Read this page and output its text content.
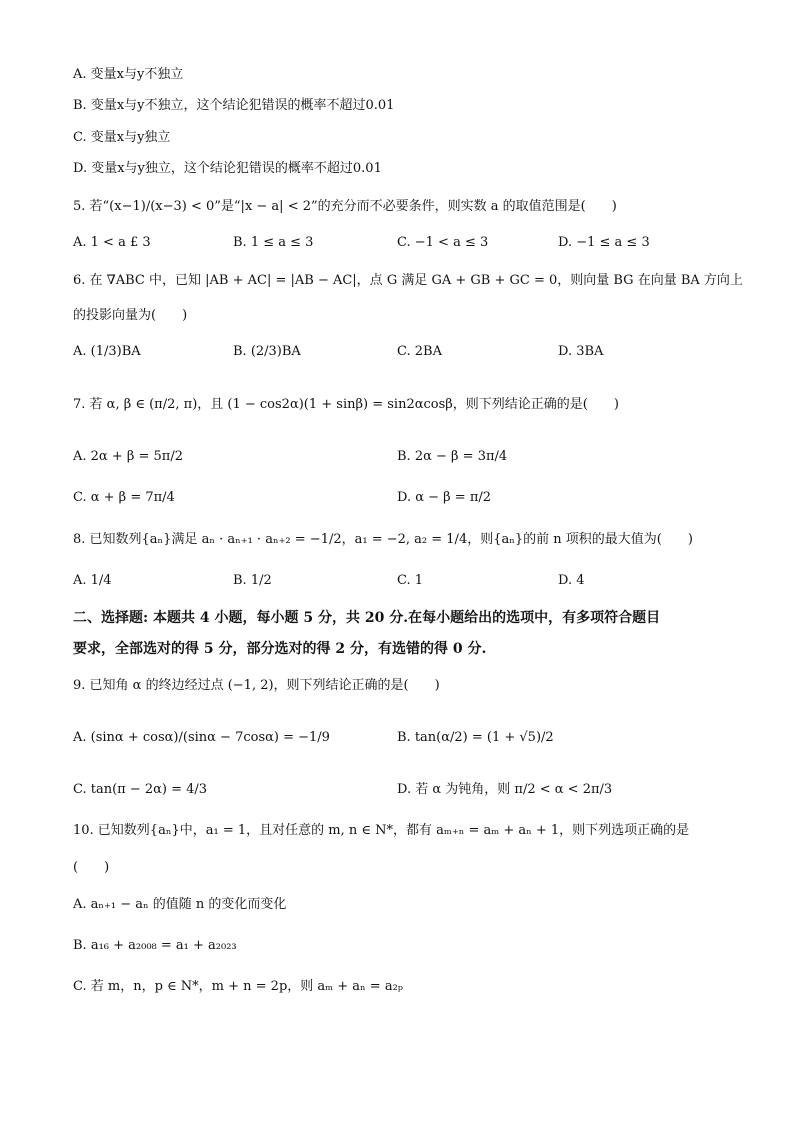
A. 变量x与y不独立
B. 变量x与y不独立，这个结论犯错误的概率不超过0.01
C. 变量x与y独立
D. 变量x与y独立，这个结论犯错误的概率不超过0.01
5. 若“(x−1)/(x−3) < 0”是“|x − a| < 2”的充分而不必要条件，则实数 a 的取值范围是(　　)
A. 1 < a £ 3	B. 1 ≤ a ≤ 3	C. −1 < a ≤ 3	D. −1 ≤ a ≤ 3
6. 在 ∇ABC 中，已知 |AB + AC| = |AB − AC|，点 G 满足 GA + GB + GC = 0，则向量 BG 在向量 BA 方向上
的投影向量为(　　)
A. (1/3)BA	B. (2/3)BA	C. 2BA	D. 3BA
7. 若 α, β ∈ (π/2, π)，且 (1 − cos2α)(1 + sinβ) = sin2αcosβ，则下列结论正确的是(　　)
A. 2α + β = 5π/2	B. 2α − β = 3π/4
C. α + β = 7π/4	D. α − β = π/2
8. 已知数列{aₙ}满足 aₙ · aₙ₊₁ · aₙ₊₂ = −1/2，a₁ = −2, a₂ = 1/4，则{aₙ}的前 n 项积的最大值为(　　)
A. 1/4	B. 1/2	C. 1	D. 4
二、选择题: 本题共 4 小题，每小题 5 分，共 20 分.在每小题给出的选项中，有多项符合题目
要求，全部选对的得 5 分，部分选对的得 2 分，有选错的得 0 分.
9. 已知角 α 的终边经过点 (−1, 2)，则下列结论正确的是(　　)
A. (sinα + cosα)/(sinα − 7cosα) = −1/9	B. tan(α/2) = (1 + √5)/2
C. tan(π − 2α) = 4/3	D. 若 α 为钝角，则 π/2 < α < 2π/3
10. 已知数列{aₙ}中，a₁ = 1，且对任意的 m, n ∈ N*，都有 aₘ₊ₙ = aₘ + aₙ + 1，则下列选项正确的是
(　　)
A. aₙ₊₁ − aₙ 的值随 n 的变化而变化
B. a₁₆ + a₂₀₀₈ = a₁ + a₂₀₂₃
C. 若 m，n，p ∈ N*，m + n = 2p，则 aₘ + aₙ = a₂ₚ
